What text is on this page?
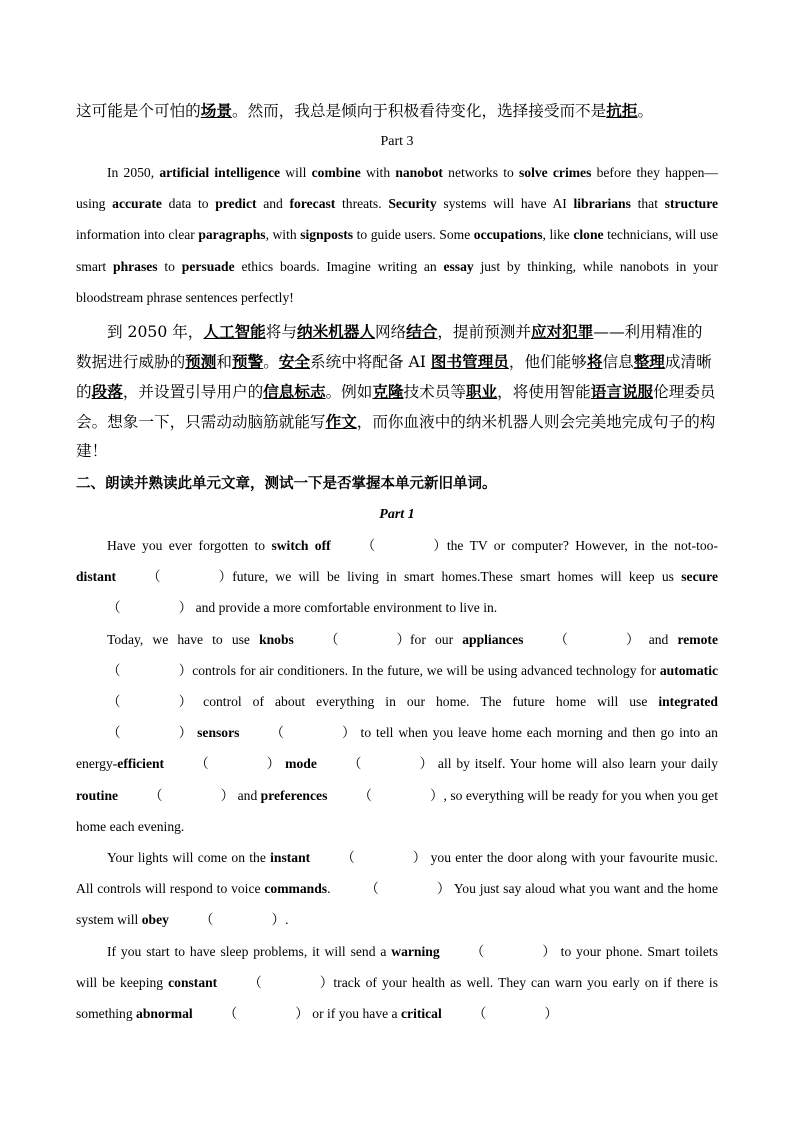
这可能是个可怕的场景。然而，我总是倾向于积极看待变化，选择接受而不是抗拒。

Part 3

In 2050, artificial intelligence will combine with nanobot networks to solve crimes before they happen—using accurate data to predict and forecast threats. Security systems will have AI librarians that structure information into clear paragraphs, with signposts to guide users. Some occupations, like clone technicians, will use smart phrases to persuade ethics boards. Imagine writing an essay just by thinking, while nanobots in your bloodstream phrase sentences perfectly!

到 2050 年，人工智能将与纳米机器人网络结合，提前预测并应对犯罪——利用精准的数据进行威胁的预测和预警。安全系统中将配备 AI 图书管理员，他们能够将信息整理成清晰的段落，并设置引导用户的信息标志。例如克隆技术员等职业，将使用智能语言说服伦理委员会。想象一下，只需动动脑筋就能写作文，而你血液中的纳米机器人则会完美地完成句子的构建！

二、朗读并熟读此单元文章，测试一下是否掌握本单元新旧单词。

Part 1

Have you ever forgotten to switch off （	）the TV or computer? However, in the not-too-distant （	）future, we will be living in smart homes.These smart homes will keep us secure（	） and provide a more comfortable environment to live in.

Today, we have to use knobs （	）for our appliances （	） and remote（	）controls for air conditioners. In the future, we will be using advanced technology for automatic（	） control of about everything in our home. The future home will use integrated（	） sensors （	） to tell when you leave home each morning and then go into an energy-efficient （	） mode （	） all by itself. Your home will also learn your daily routine （	） and preferences （	）, so everything will be ready for you when you get home each evening.

Your lights will come on the instant （	） you enter the door along with your favourite music. All controls will respond to voice commands. （	） You just say aloud what you want and the home system will obey （	）.

If you start to have sleep problems, it will send a warning （	） to your phone. Smart toilets will be keeping constant （	）track of your health as well. They can warn you early on if there is something abnormal （	） or if you have a critical （	）
